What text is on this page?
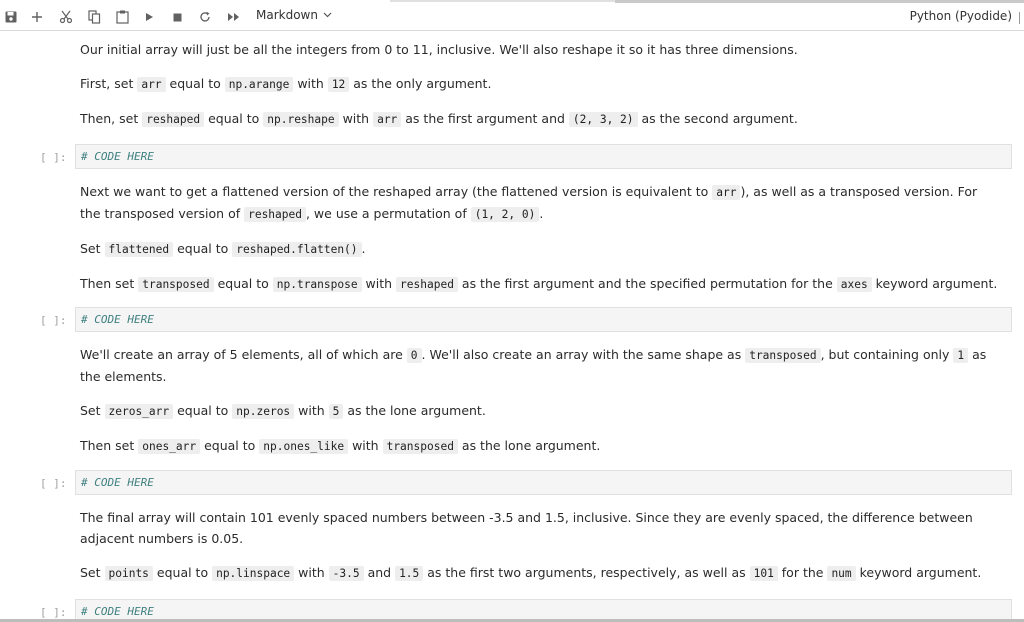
Markdown	Python (Pyodide)

Our initial array will just be all the integers from 0 to 11, inclusive. We'll also reshape it so it has three dimensions.

First, set arr equal to np.arange with 12 as the only argument.

Then, set reshaped equal to np.reshape with arr as the first argument and (2, 3, 2) as the second argument.

[ ]:	# CODE HERE

Next we want to get a flattened version of the reshaped array (the flattened version is equivalent to arr ), as well as a transposed version. For the transposed version of reshaped , we use a permutation of (1, 2, 0) .

Set flattened equal to reshaped.flatten() .

Then set transposed equal to np.transpose with reshaped as the first argument and the specified permutation for the axes keyword argument.

[ ]:	# CODE HERE

We'll create an array of 5 elements, all of which are 0 . We'll also create an array with the same shape as transposed , but containing only 1 as the elements.

Set zeros_arr equal to np.zeros with 5 as the lone argument.

Then set ones_arr equal to np.ones_like with transposed as the lone argument.

[ ]:	# CODE HERE

The final array will contain 101 evenly spaced numbers between -3.5 and 1.5, inclusive. Since they are evenly spaced, the difference between adjacent numbers is 0.05.

Set points equal to np.linspace with -3.5 and 1.5 as the first two arguments, respectively, as well as 101 for the num keyword argument.

[ ]:	# CODE HERE
